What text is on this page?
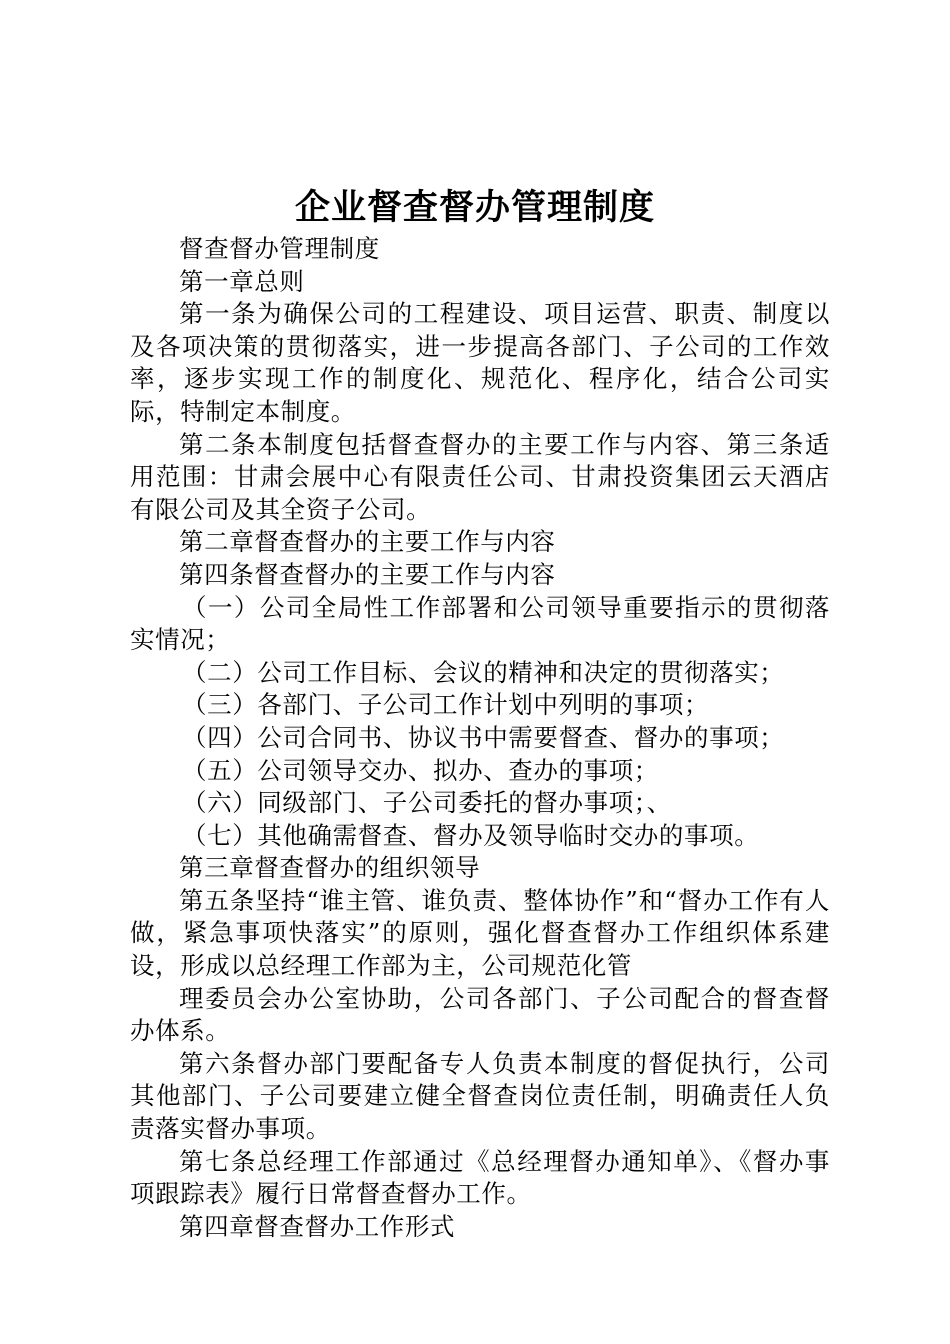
企业督查督办管理制度

督查督办管理制度

第一章总则

第一条为确保公司的工程建设、项目运营、职责、制度以及各项决策的贯彻落实，进一步提高各部门、子公司的工作效率，逐步实现工作的制度化、规范化、程序化，结合公司实际，特制定本制度。

第二条本制度包括督查督办的主要工作与内容、第三条适用范围：甘肃会展中心有限责任公司、甘肃投资集团云天酒店有限公司及其全资子公司。

第二章督查督办的主要工作与内容

第四条督查督办的主要工作与内容

（一）公司全局性工作部署和公司领导重要指示的贯彻落实情况；

（二）公司工作目标、会议的精神和决定的贯彻落实；

（三）各部门、子公司工作计划中列明的事项；

（四）公司合同书、协议书中需要督查、督办的事项；

（五）公司领导交办、拟办、查办的事项；

（六）同级部门、子公司委托的督办事项；、

（七）其他确需督查、督办及领导临时交办的事项。

第三章督查督办的组织领导

第五条坚持“谁主管、谁负责、整体协作”和“督办工作有人做，紧急事项快落实”的原则，强化督查督办工作组织体系建设，形成以总经理工作部为主，公司规范化管

理委员会办公室协助，公司各部门、子公司配合的督查督办体系。

第六条督办部门要配备专人负责本制度的督促执行，公司其他部门、子公司要建立健全督查岗位责任制，明确责任人负责落实督办事项。

第七条总经理工作部通过《总经理督办通知单》、《督办事项跟踪表》履行日常督查督办工作。

第四章督查督办工作形式
